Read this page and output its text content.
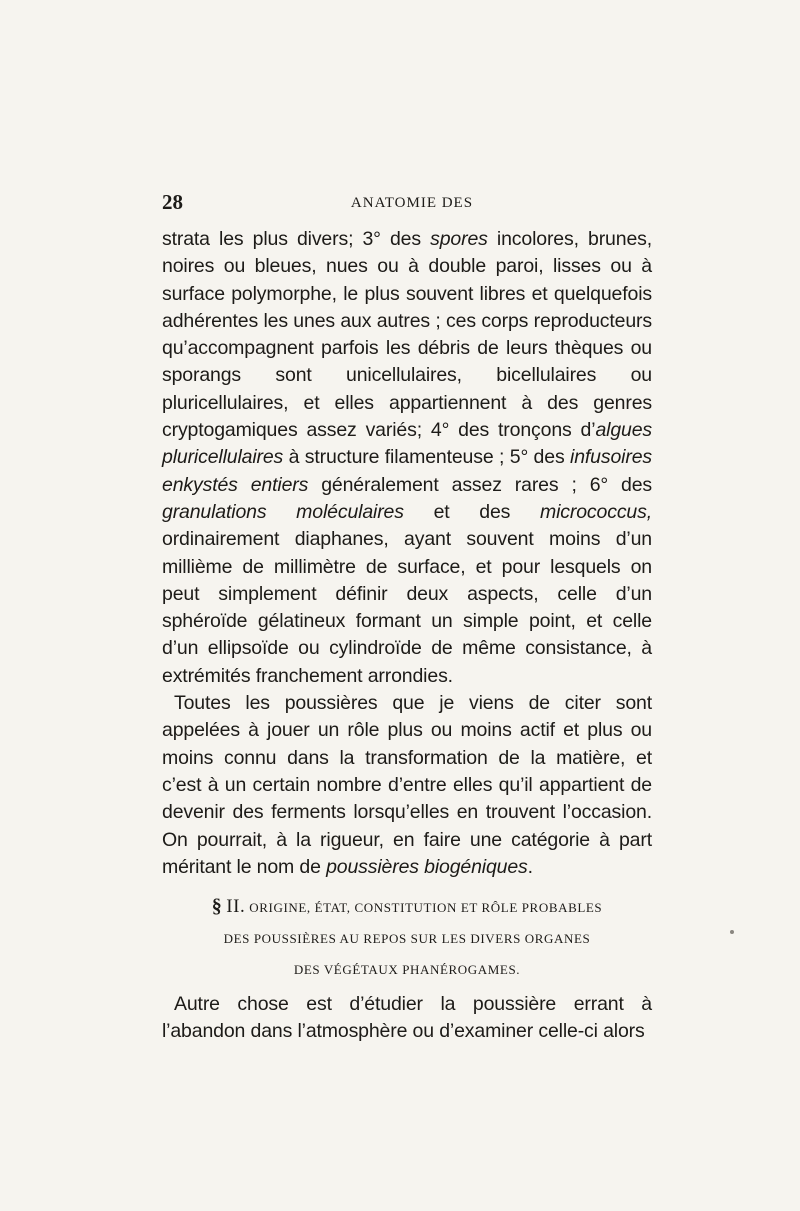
28	ANATOMIE DES

strata les plus divers; 3° des spores incolores, brunes, noires ou bleues, nues ou à double paroi, lisses ou à surface polymorphe, le plus souvent libres et quelquefois adhérentes les unes aux autres ; ces corps reproducteurs qu’accompagnent parfois les débris de leurs thèques ou sporangs sont unicellulaires, bicellulaires ou pluricellulaires, et elles appartiennent à des genres cryptogamiques assez variés; 4° des tronçons d’algues pluricellulaires à structure filamenteuse ; 5° des infusoires enkystés entiers généralement assez rares ; 6° des granulations moléculaires et des micrococcus, ordinairement diaphanes, ayant souvent moins d’un millième de millimètre de surface, et pour lesquels on peut simplement définir deux aspects, celle d’un sphéroïde gélatineux formant un simple point, et celle d’un ellipsoïde ou cylindroïde de même consistance, à extrémités franchement arrondies.

Toutes les poussières que je viens de citer sont appelées à jouer un rôle plus ou moins actif et plus ou moins connu dans la transformation de la matière, et c’est à un certain nombre d’entre elles qu’il appartient de devenir des ferments lorsqu’elles en trouvent l’occasion. On pourrait, à la rigueur, en faire une catégorie à part méritant le nom de poussières biogéniques.

§ II. ORIGINE, ÉTAT, CONSTITUTION ET RÔLE PROBABLES
DES POUSSIÈRES AU REPOS SUR LES DIVERS ORGANES
DES VÉGÉTAUX PHANÉROGAMES.

Autre chose est d’étudier la poussière errant à l’abandon dans l’atmosphère ou d’examiner celle-ci alors
